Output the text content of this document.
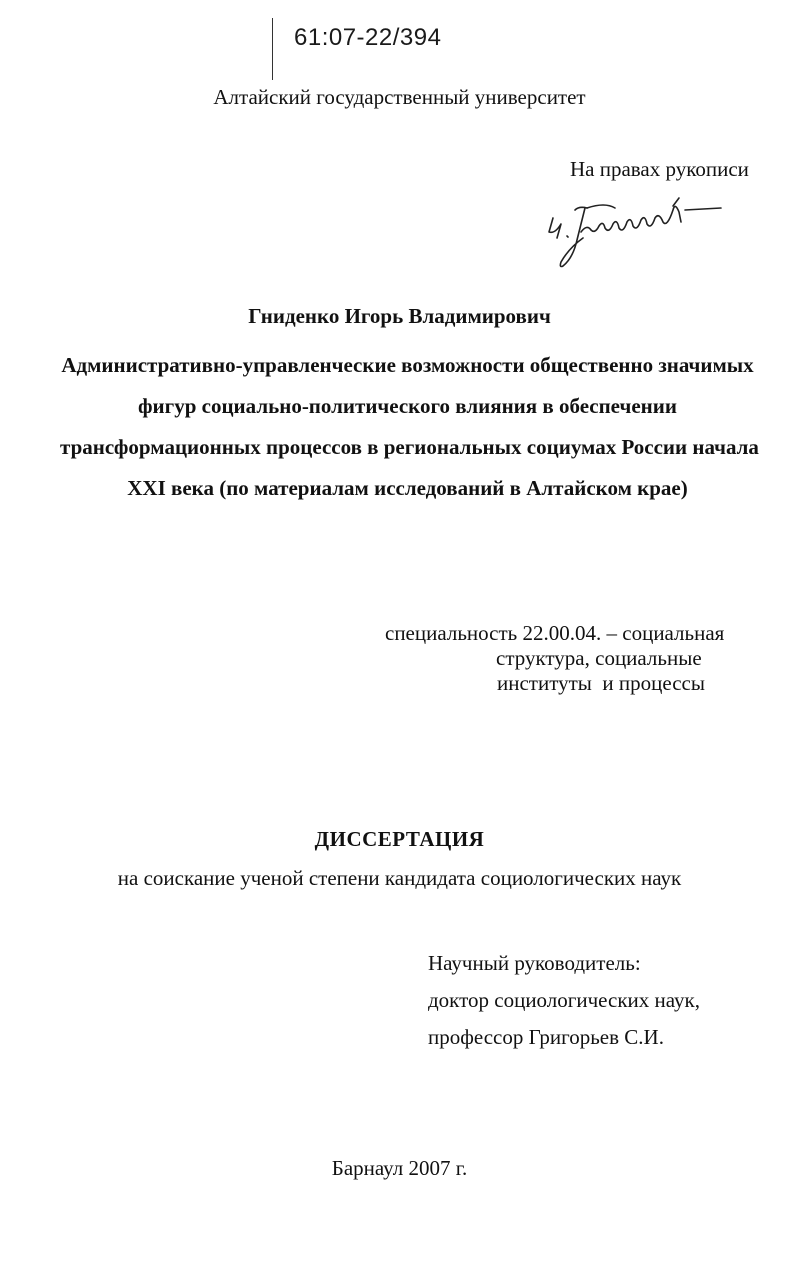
61:07-22/394
Алтайский государственный университет
На правах рукописи
Гниденко Игорь Владимирович
Административно-управленческие возможности общественно значимых
фигур социально-политического влияния в обеспечении
трансформационных процессов в региональных социумах России начала
XXI века (по материалам исследований в Алтайском крае)
специальность 22.00.04. – социальная
структура, социальные
институты  и процессы
ДИССЕРТАЦИЯ
на соискание ученой степени кандидата социологических наук
Научный руководитель:
доктор социологических наук,
профессор Григорьев С.И.
Барнаул 2007 г.
